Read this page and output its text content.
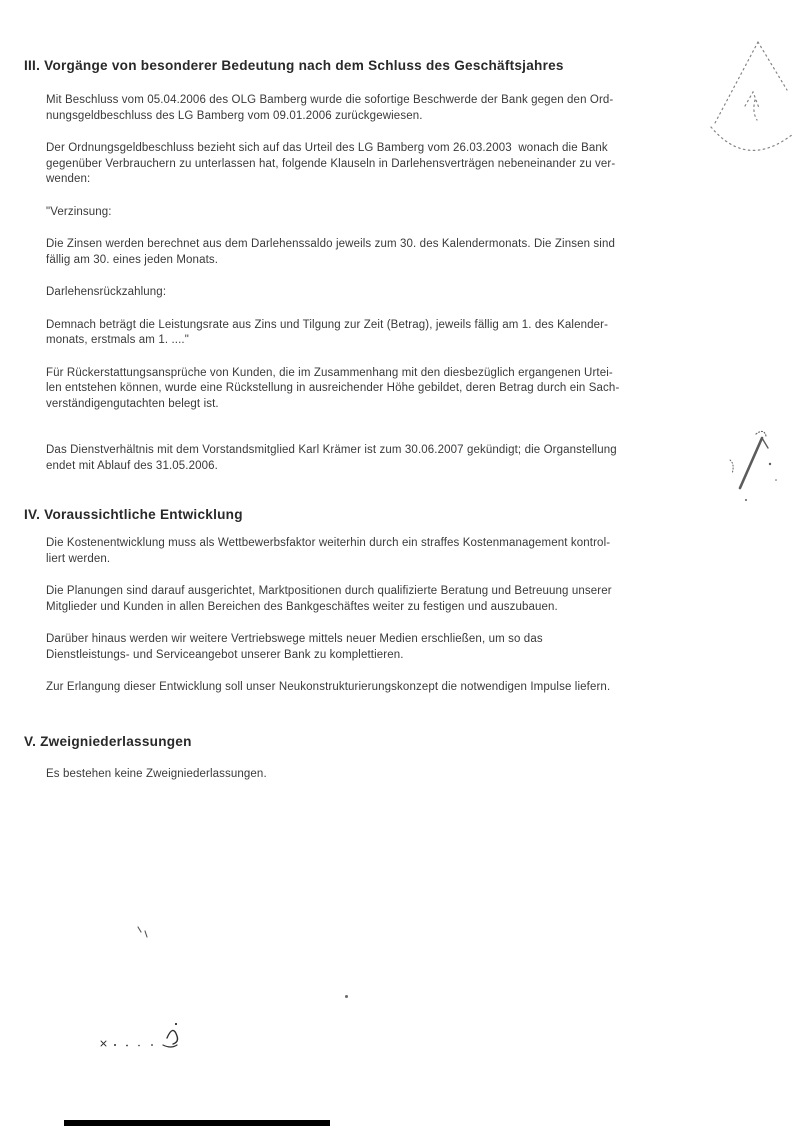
III. Vorgänge von besonderer Bedeutung nach dem Schluss des Geschäftsjahres

Mit Beschluss vom 05.04.2006 des OLG Bamberg wurde die sofortige Beschwerde der Bank gegen den Ord-
nungsgeldbeschluss des LG Bamberg vom 09.01.2006 zurückgewiesen.

Der Ordnungsgeldbeschluss bezieht sich auf das Urteil des LG Bamberg vom 26.03.2003  wonach die Bank
gegenüber Verbrauchern zu unterlassen hat, folgende Klauseln in Darlehensverträgen nebeneinander zu ver-
wenden:

"Verzinsung:

Die Zinsen werden berechnet aus dem Darlehenssaldo jeweils zum 30. des Kalendermonats. Die Zinsen sind
fällig am 30. eines jeden Monats.

Darlehensrückzahlung:

Demnach beträgt die Leistungsrate aus Zins und Tilgung zur Zeit (Betrag), jeweils fällig am 1. des Kalender-
monats, erstmals am 1. ...."

Für Rückerstattungsansprüche von Kunden, die im Zusammenhang mit den diesbezüglich ergangenen Urtei-
len entstehen können, wurde eine Rückstellung in ausreichender Höhe gebildet, deren Betrag durch ein Sach-
verständigengutachten belegt ist.

Das Dienstverhältnis mit dem Vorstandsmitglied Karl Krämer ist zum 30.06.2007 gekündigt; die Organstellung
endet mit Ablauf des 31.05.2006.

IV. Voraussichtliche Entwicklung

Die Kostenentwicklung muss als Wettbewerbsfaktor weiterhin durch ein straffes Kostenmanagement kontrol-
liert werden.

Die Planungen sind darauf ausgerichtet, Marktpositionen durch qualifizierte Beratung und Betreuung unserer
Mitglieder und Kunden in allen Bereichen des Bankgeschäftes weiter zu festigen und auszubauen.

Darüber hinaus werden wir weitere Vertriebswege mittels neuer Medien erschließen, um so das
Dienstleistungs- und Serviceangebot unserer Bank zu komplettieren.

Zur Erlangung dieser Entwicklung soll unser Neukonstrukturierungskonzept die notwendigen Impulse liefern.

V. Zweigniederlassungen

Es bestehen keine Zweigniederlassungen.
